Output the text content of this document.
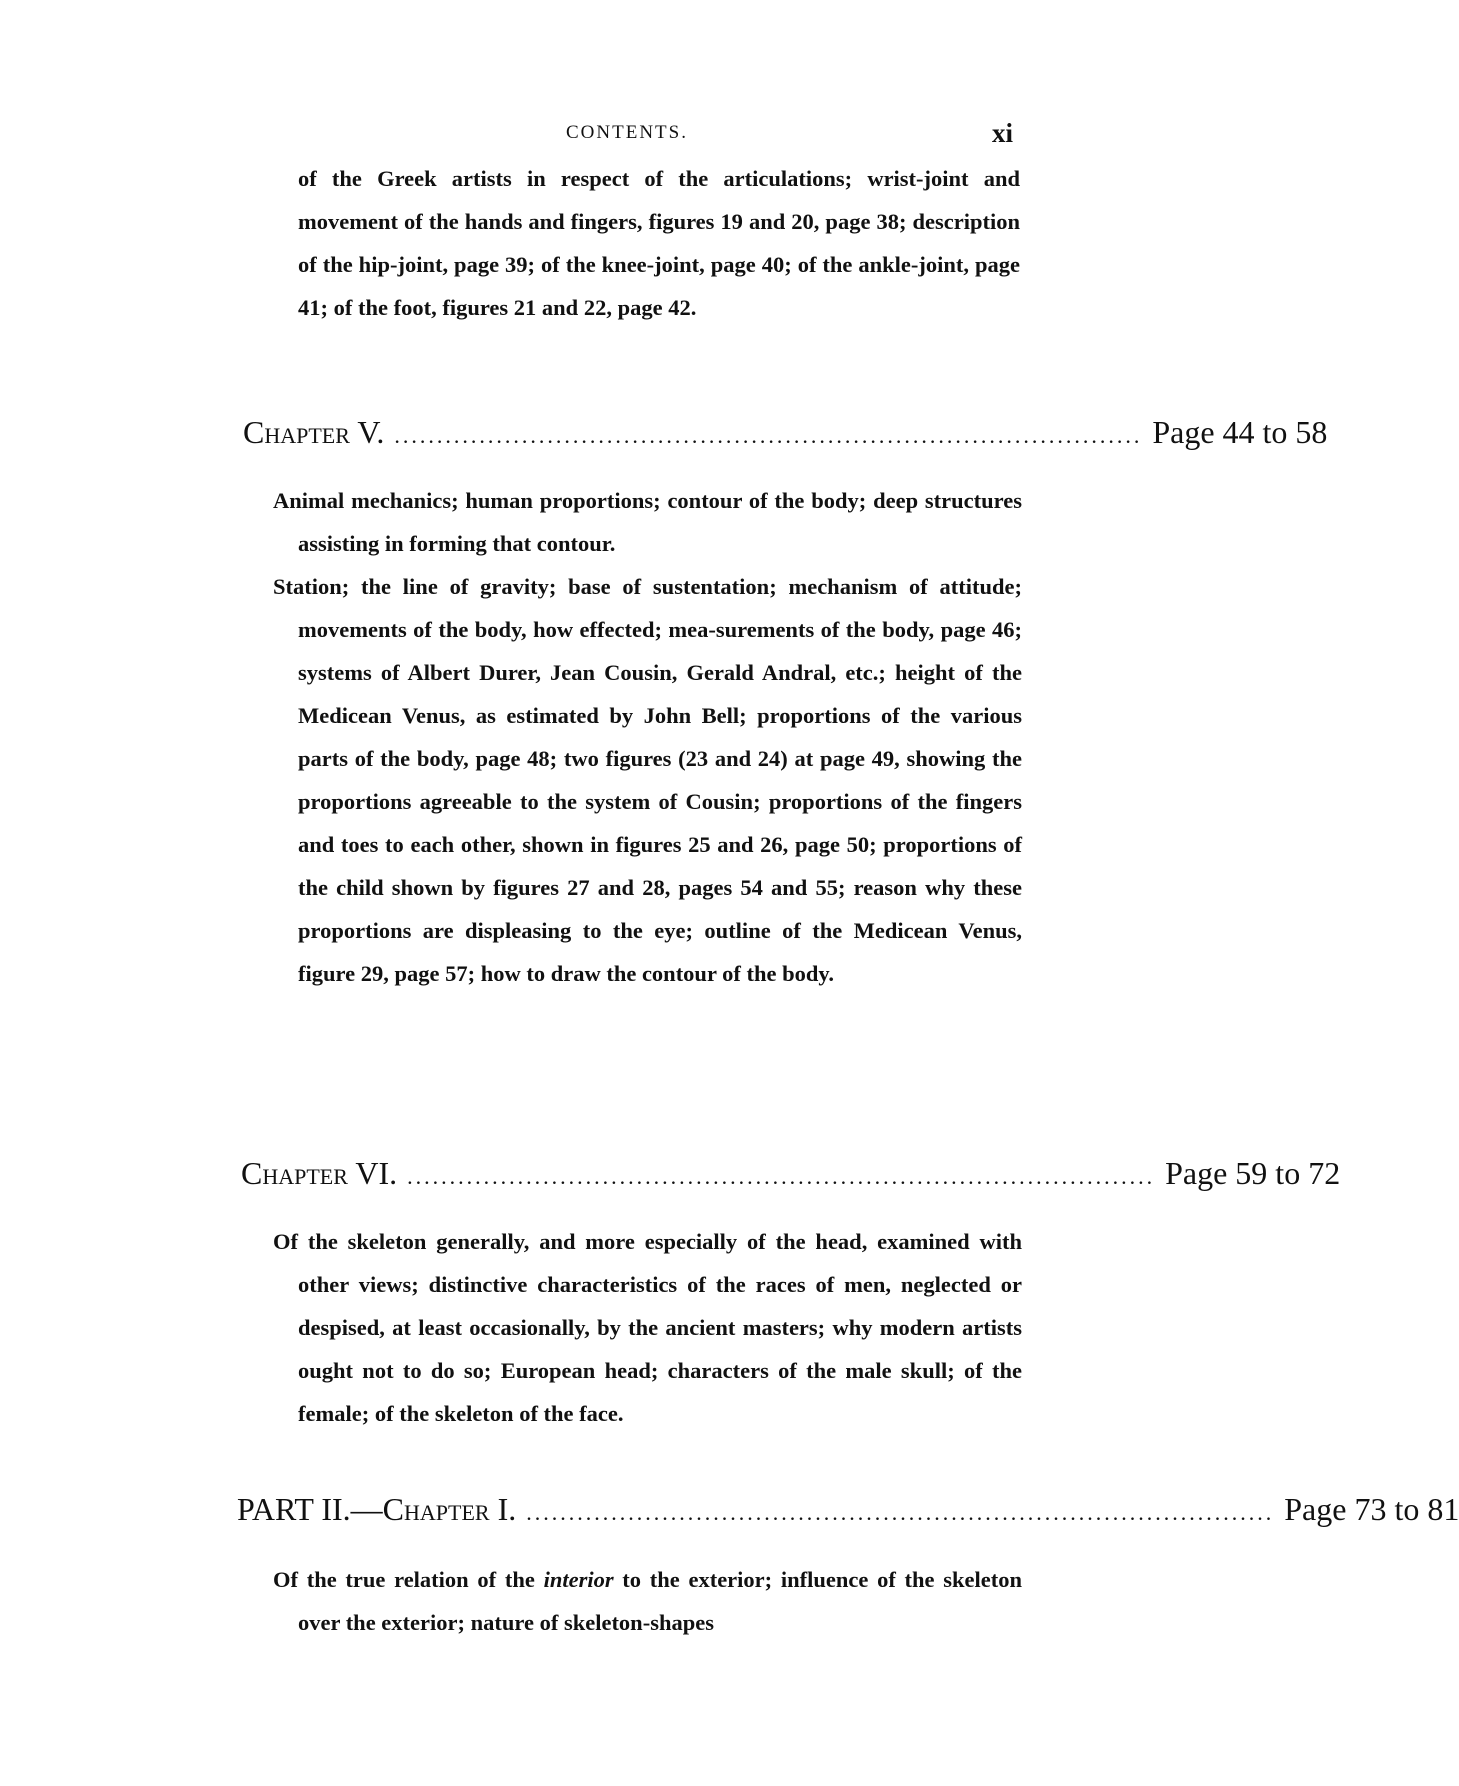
CONTENTS.	xi

of the Greek artists in respect of the articulations; wrist-joint and movement of the hands and fingers, figures 19 and 20, page 38; description of the hip-joint, page 39; of the knee-joint, page 40; of the ankle-joint, page 41; of the foot, figures 21 and 22, page 42.

Chapter V. ........................................................................................ Page 44 to 58

Animal mechanics; human proportions; contour of the body; deep structures assisting in forming that contour.

Station; the line of gravity; base of sustentation; mechanism of attitude; movements of the body, how effected; mea-surements of the body, page 46; systems of Albert Durer, Jean Cousin, Gerald Andral, etc.; height of the Medicean Venus, as estimated by John Bell; proportions of the various parts of the body, page 48; two figures (23 and 24) at page 49, showing the proportions agreeable to the system of Cousin; proportions of the fingers and toes to each other, shown in figures 25 and 26, page 50; proportions of the child shown by figures 27 and 28, pages 54 and 55; reason why these proportions are displeasing to the eye; outline of the Medicean Venus, figure 29, page 57; how to draw the contour of the body.

Chapter VI. ........................................................................................ Page 59 to 72

Of the skeleton generally, and more especially of the head, examined with other views; distinctive characteristics of the races of men, neglected or despised, at least occasionally, by the ancient masters; why modern artists ought not to do so; European head; characters of the male skull; of the female; of the skeleton of the face.

PART II.—Chapter I. ........................................................................................ Page 73 to 81

Of the true relation of the interior to the exterior; influence of the skeleton over the exterior; nature of skeleton-shapes
